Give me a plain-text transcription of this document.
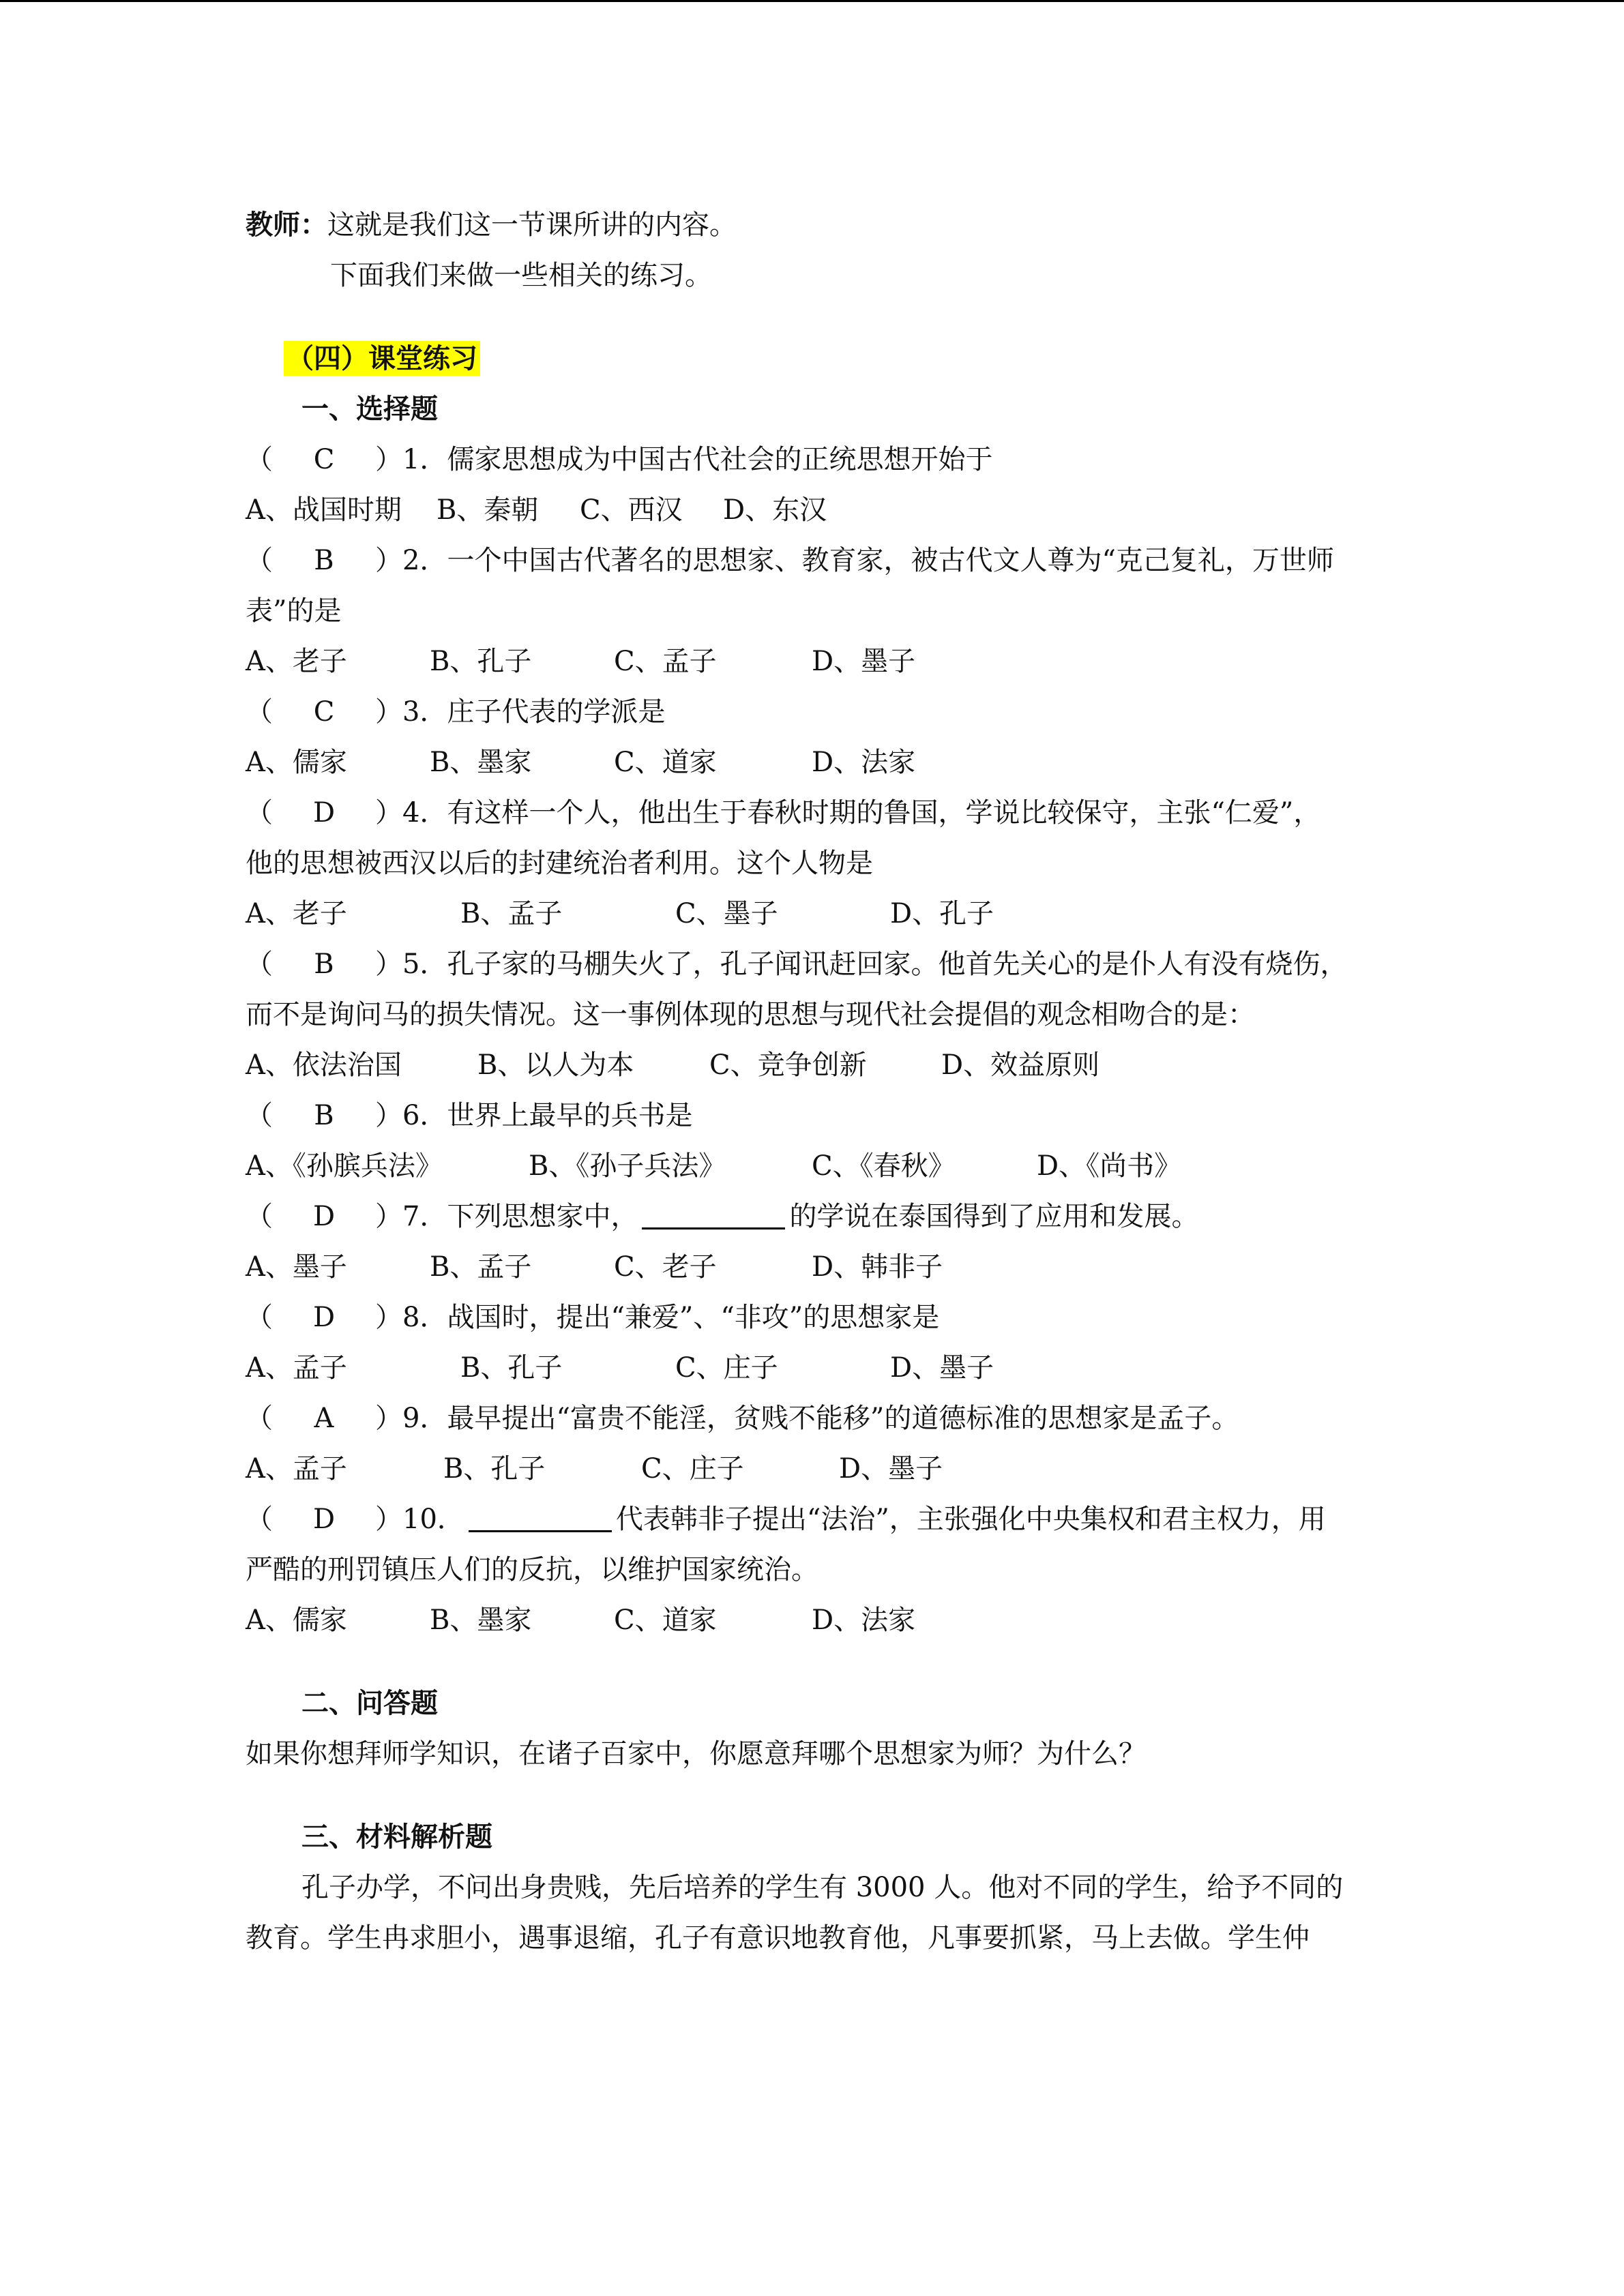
教师：这就是我们这一节课所讲的内容。
下面我们来做一些相关的练习。
（四）课堂练习
一、选择题
（ C ）1．儒家思想成为中国古代社会的正统思想开始于
A、战国时期 B、秦朝 C、西汉 D、东汉
（ B ）2．一个中国古代著名的思想家、教育家，被古代文人尊为“克己复礼，万世师
表”的是
A、老子	B、孔子	C、孟子	D、墨子
（ C ）3．庄子代表的学派是
A、儒家	B、墨家	C、道家	D、法家
（ D ）4．有这样一个人，他出生于春秋时期的鲁国，学说比较保守，主张“仁爱”，
他的思想被西汉以后的封建统治者利用。这个人物是
A、老子	B、孟子	C、墨子	D、孔子
（ B ）5．孔子家的马棚失火了，孔子闻讯赶回家。他首先关心的是仆人有没有烧伤，
而不是询问马的损失情况。这一事例体现的思想与现代社会提倡的观念相吻合的是：
A、依法治国	B、以人为本	C、竞争创新	D、效益原则
（ B ）6．世界上最早的兵书是
A、《孙膑兵法》	B、《孙子兵法》	C、《春秋》	D、《尚书》
（ D ）7．下列思想家中，	的学说在泰国得到了应用和发展。
A、墨子	B、孟子	C、老子	D、韩非子
（ D ）8．战国时，提出“兼爱”、“非攻”的思想家是
A、孟子	B、孔子	C、庄子	D、墨子
（ A ）9．最早提出“富贵不能淫，贫贱不能移”的道德标准的思想家是孟子。
A、孟子	B、孔子	C、庄子	D、墨子
（ D ）10．	代表韩非子提出“法治”，主张强化中央集权和君主权力，用
严酷的刑罚镇压人们的反抗，以维护国家统治。
A、儒家	B、墨家	C、道家	D、法家
二、问答题
如果你想拜师学知识，在诸子百家中，你愿意拜哪个思想家为师？为什么？
三、材料解析题
孔子办学，不问出身贵贱，先后培养的学生有 3000 人。他对不同的学生，给予不同的
教育。学生冉求胆小，遇事退缩，孔子有意识地教育他，凡事要抓紧，马上去做。学生仲
